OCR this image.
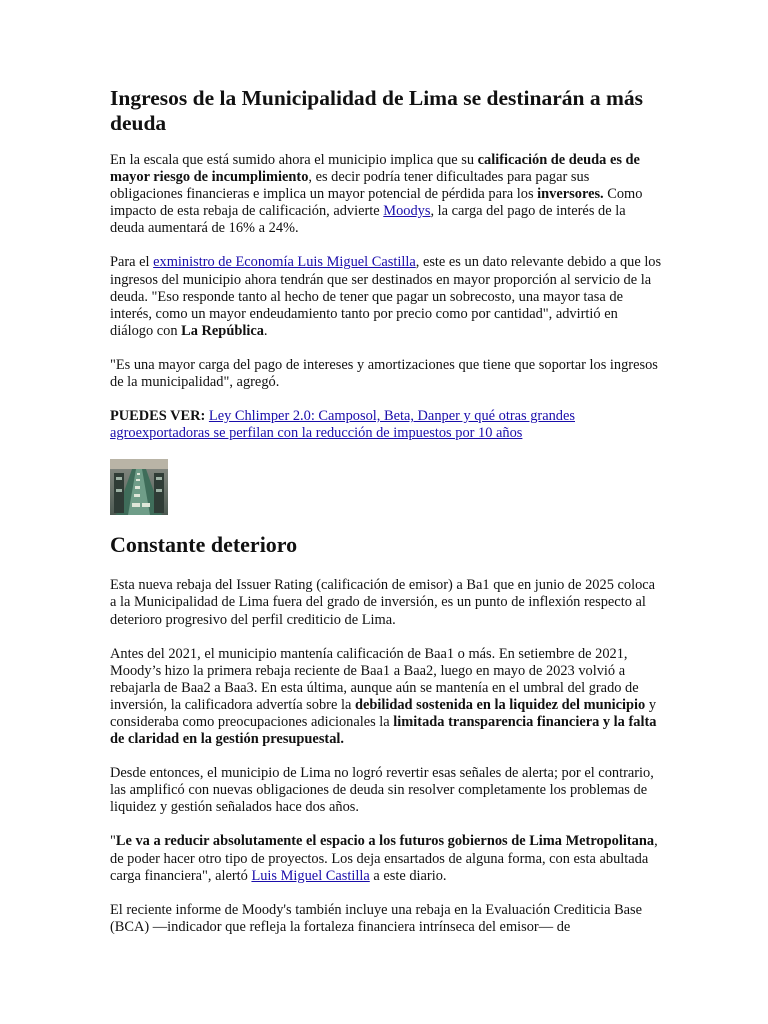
Ingresos de la Municipalidad de Lima se destinarán a más deuda

En la escala que está sumido ahora el municipio implica que su calificación de deuda es de mayor riesgo de incumplimiento, es decir podría tener dificultades para pagar sus obligaciones financieras e implica un mayor potencial de pérdida para los inversores. Como impacto de esta rebaja de calificación, advierte Moodys, la carga del pago de interés de la deuda aumentará de 16% a 24%.

Para el exministro de Economía Luis Miguel Castilla, este es un dato relevante debido a que los ingresos del municipio ahora tendrán que ser destinados en mayor proporción al servicio de la deuda. "Eso responde tanto al hecho de tener que pagar un sobrecosto, una mayor tasa de interés, como un mayor endeudamiento tanto por precio como por cantidad", advirtió en diálogo con La República.

"Es una mayor carga del pago de intereses y amortizaciones que tiene que soportar los ingresos de la municipalidad", agregó.

PUEDES VER: Ley Chlimper 2.0: Camposol, Beta, Danper y qué otras grandes agroexportadoras se perfilan con la reducción de impuestos por 10 años

Constante deterioro

Esta nueva rebaja del Issuer Rating (calificación de emisor) a Ba1 que en junio de 2025 coloca a la Municipalidad de Lima fuera del grado de inversión, es un punto de inflexión respecto al deterioro progresivo del perfil crediticio de Lima.

Antes del 2021, el municipio mantenía calificación de Baa1 o más. En setiembre de 2021, Moody’s hizo la primera rebaja reciente de Baa1 a Baa2, luego en mayo de 2023 volvió a rebajarla de Baa2 a Baa3. En esta última, aunque aún se mantenía en el umbral del grado de inversión, la calificadora advertía sobre la debilidad sostenida en la liquidez del municipio y consideraba como preocupaciones adicionales la limitada transparencia financiera y la falta de claridad en la gestión presupuestal.

Desde entonces, el municipio de Lima no logró revertir esas señales de alerta; por el contrario, las amplificó con nuevas obligaciones de deuda sin resolver completamente los problemas de liquidez y gestión señalados hace dos años.

"Le va a reducir absolutamente el espacio a los futuros gobiernos de Lima Metropolitana, de poder hacer otro tipo de proyectos. Los deja ensartados de alguna forma, con esta abultada carga financiera", alertó Luis Miguel Castilla a este diario.

El reciente informe de Moody's también incluye una rebaja en la Evaluación Crediticia Base (BCA) —indicador que refleja la fortaleza financiera intrínseca del emisor— de
